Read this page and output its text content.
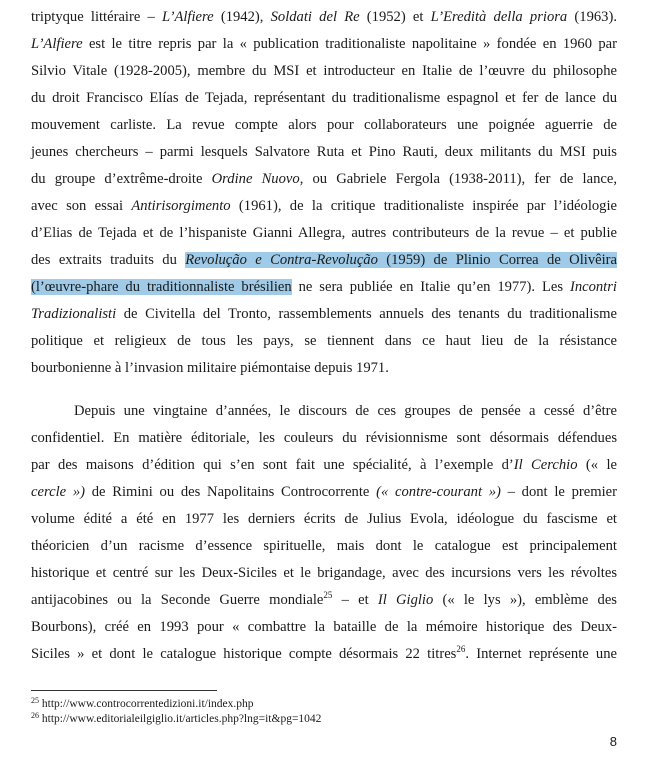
triptyque littéraire – L’Alfiere (1942), Soldati del Re (1952) et L’Eredità della priora (1963).
L’Alfiere est le titre repris par la « publication traditionaliste napolitaine » fondée en 1960 par
Silvio Vitale (1928-2005), membre du MSI et introducteur en Italie de l’œuvre du philosophe
du droit Francisco Elías de Tejada, représentant du traditionalisme espagnol et fer de lance du
mouvement carliste. La revue compte alors pour collaborateurs une poignée aguerrie de
jeunes chercheurs – parmi lesquels Salvatore Ruta et Pino Rauti, deux militants du MSI puis
du groupe d’extrême-droite Ordine Nuovo, ou Gabriele Fergola (1938-2011), fer de lance,
avec son essai Antirisorgimento (1961), de la critique traditionaliste inspirée par l’idéologie
d’Elias de Tejada et de l’hispaniste Gianni Allegra, autres contributeurs de la revue – et publie
des extraits traduits du Revolução e Contra-Revolução (1959) de Plinio Correa de Olivêira
(l’œuvre-phare du traditionnaliste brésilien ne sera publiée en Italie qu’en 1977). Les Incontri
Tradizionalisti de Civitella del Tronto, rassemblements annuels des tenants du traditionalisme
politique et religieux de tous les pays, se tiennent dans ce haut lieu de la résistance
bourbonienne à l’invasion militaire piémontaise depuis 1971.
Depuis une vingtaine d’années, le discours de ces groupes de pensée a cessé d’être
confidentiel. En matière éditoriale, les couleurs du révisionnisme sont désormais défendues
par des maisons d’édition qui s’en sont fait une spécialité, à l’exemple d’Il Cerchio (« le
cercle ») de Rimini ou des Napolitains Controcorrente (« contre-courant ») – dont le premier
volume édité a été en 1977 les derniers écrits de Julius Evola, idéologue du fascisme et
théoricien d’un racisme d’essence spirituelle, mais dont le catalogue est principalement
historique et centré sur les Deux-Siciles et le brigandage, avec des incursions vers les révoltes
antijacobines ou la Seconde Guerre mondiale$^{25}$ – et Il Giglio (« le lys »), emblème des
Bourbons), créé en 1993 pour « combattre la bataille de la mémoire historique des Deux-
Siciles » et dont le catalogue historique compte désormais 22 titres$^{26}$. Internet représente une
$^{25}$ http://www.controcorrentedizioni.it/index.php
$^{26}$ http://www.editorialeilgiglio.it/articles.php?lng=it&pg=1042
8
